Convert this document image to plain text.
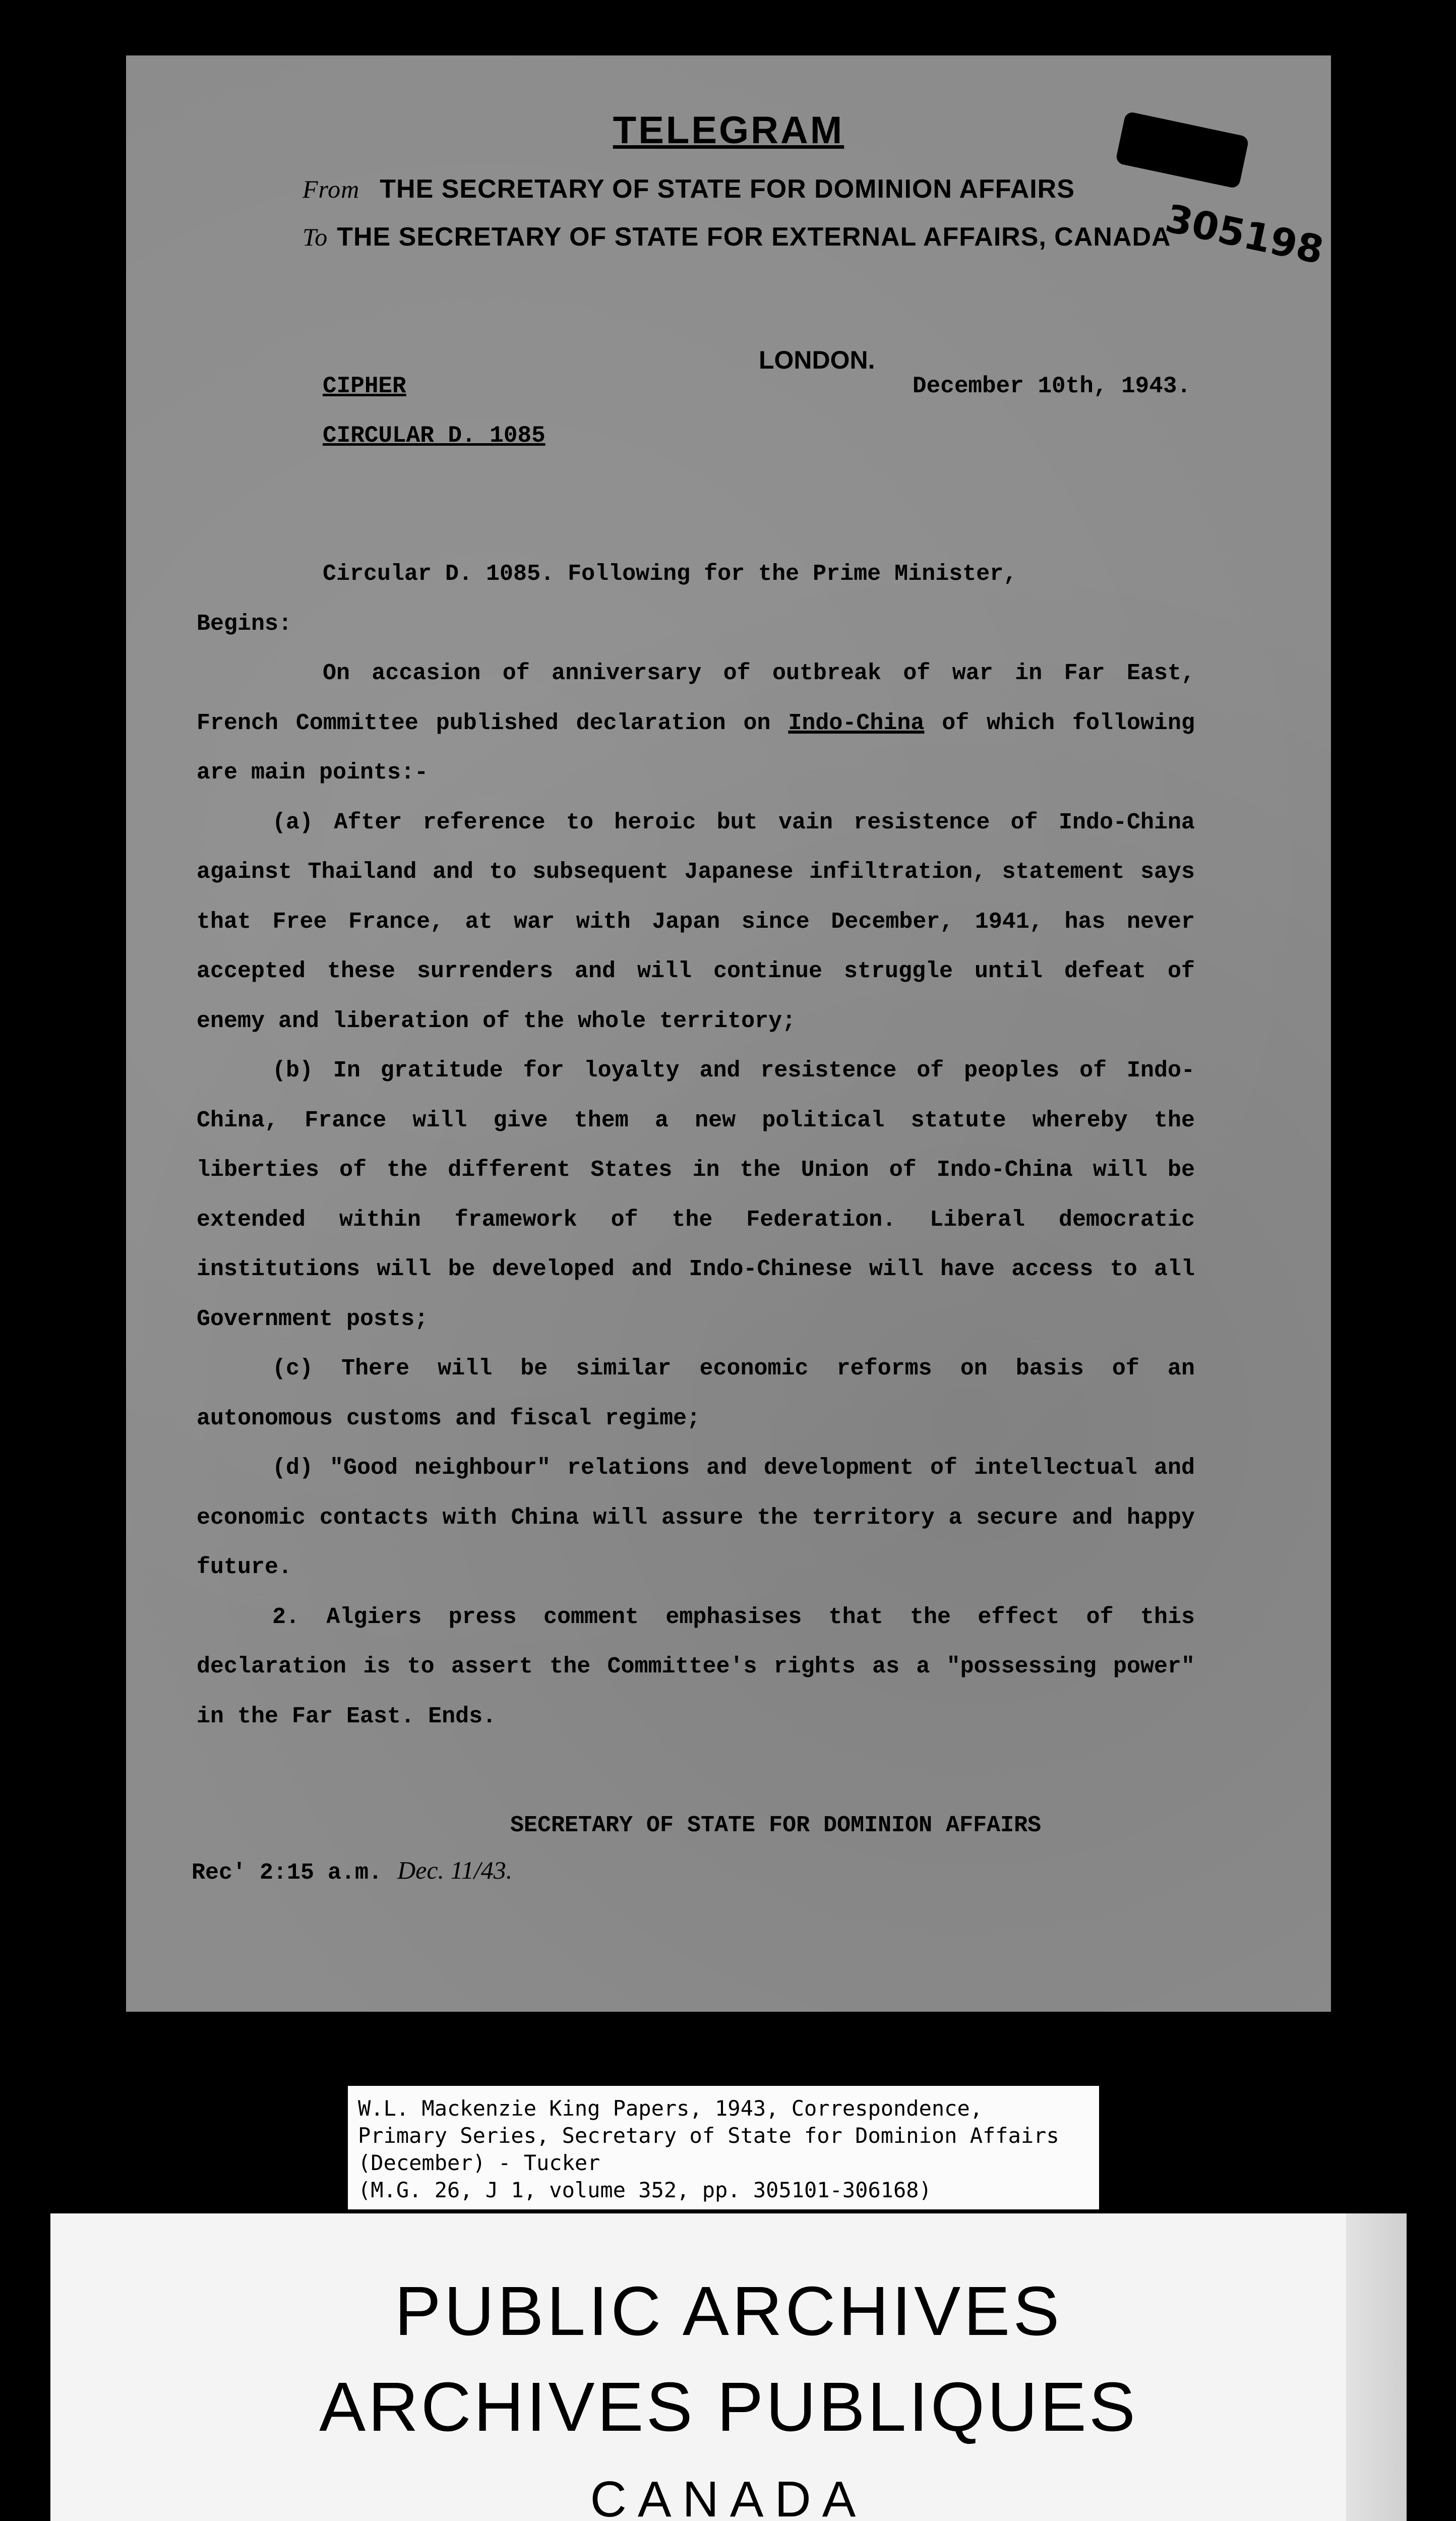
TELEGRAM
From THE SECRETARY OF STATE FOR DOMINION AFFAIRS
To THE SECRETARY OF STATE FOR EXTERNAL AFFAIRS, CANADA
305198
LONDON.
December 10th, 1943.
CIPHER
CIRCULAR D. 1085

Circular D. 1085. Following for the Prime Minister,

Begins:

On accasion of anniversary of outbreak of war in Far East, French Committee published declaration on Indo-China of which following are main points:-

(a) After reference to heroic but vain resistence of Indo-China against Thailand and to subsequent Japanese infiltration, statement says that Free France, at war with Japan since December, 1941, has never accepted these surrenders and will continue struggle until defeat of enemy and liberation of the whole territory;

(b) In gratitude for loyalty and resistence of peoples of Indo-China, France will give them a new political statute whereby the liberties of the different States in the Union of Indo-China will be extended within framework of the Federation. Liberal democratic institutions will be developed and Indo-Chinese will have access to all Government posts;

(c) There will be similar economic reforms on basis of an autonomous customs and fiscal regime;

(d) "Good neighbour" relations and development of intellectual and economic contacts with China will assure the territory a secure and happy future.

2. Algiers press comment emphasises that the effect of this declaration is to assert the Committee's rights as a "possessing power" in the Far East. Ends.

SECRETARY OF STATE FOR DOMINION AFFAIRS
Rec' 2:15 a.m. Dec. 11/43.
W.L. Mackenzie King Papers, 1943, Correspondence,
Primary Series, Secretary of State for Dominion Affairs
(December) - Tucker
(M.G. 26, J 1, volume 352, pp. 305101-306168)
PUBLIC ARCHIVES
ARCHIVES PUBLIQUES
CANADA
